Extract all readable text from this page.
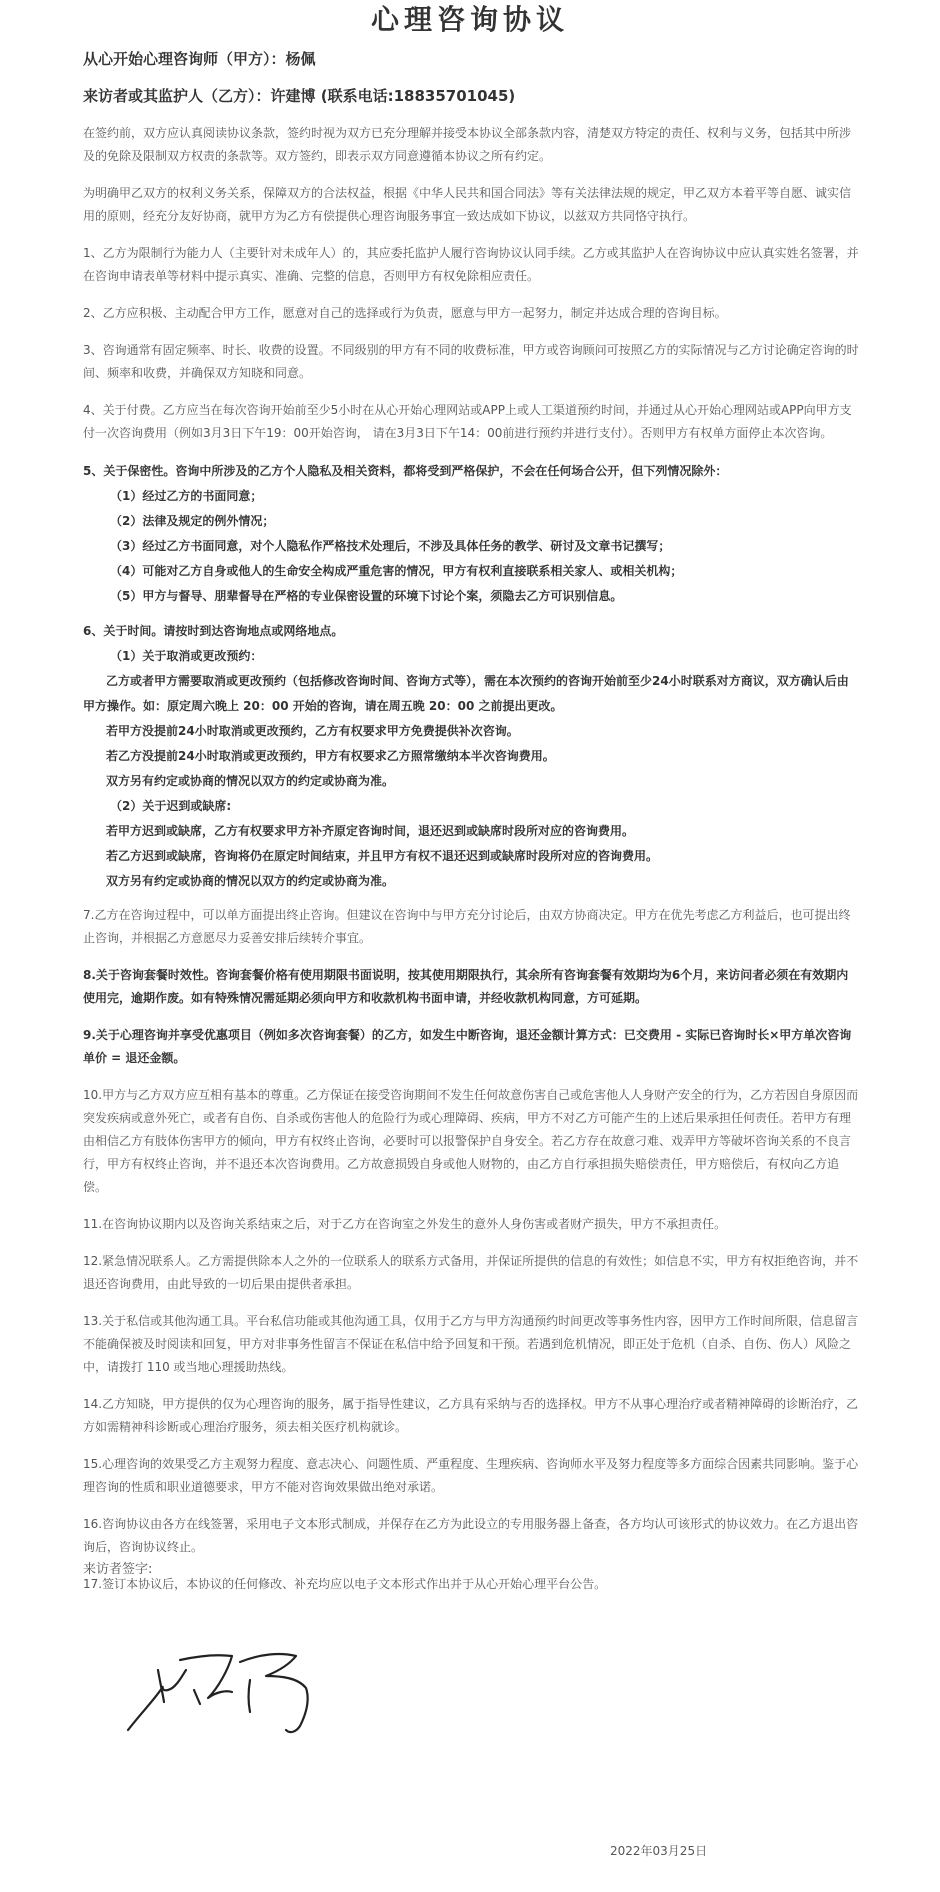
心理咨询协议

从心开始心理咨询师（甲方）：杨佩

来访者或其监护人（乙方）：许建博 (联系电话:18835701045)

在签约前，双方应认真阅读协议条款，签约时视为双方已充分理解并接受本协议全部条款内容，清楚双方特定的责任、权利与义务，包括其中所涉及的免除及限制双方权责的条款等。双方签约，即表示双方同意遵循本协议之所有约定。

为明确甲乙双方的权利义务关系，保障双方的合法权益，根据《中华人民共和国合同法》等有关法律法规的规定，甲乙双方本着平等自愿、诚实信用的原则，经充分友好协商，就甲方为乙方有偿提供心理咨询服务事宜一致达成如下协议，以兹双方共同恪守执行。

1、乙方为限制行为能力人（主要针对未成年人）的，其应委托监护人履行咨询协议认同手续。乙方或其监护人在咨询协议中应认真实姓名签署，并在咨询申请表单等材料中提示真实、准确、完整的信息，否则甲方有权免除相应责任。

2、乙方应积极、主动配合甲方工作，愿意对自己的选择或行为负责，愿意与甲方一起努力，制定并达成合理的咨询目标。

3、咨询通常有固定频率、时长、收费的设置。不同级别的甲方有不同的收费标准，甲方或咨询顾问可按照乙方的实际情况与乙方讨论确定咨询的时间、频率和收费，并确保双方知晓和同意。

4、关于付费。乙方应当在每次咨询开始前至少5小时在从心开始心理网站或APP上或人工渠道预约时间，并通过从心开始心理网站或APP向甲方支付一次咨询费用（例如3月3日下午19：00开始咨询， 请在3月3日下午14：00前进行预约并进行支付）。否则甲方有权单方面停止本次咨询。

5、关于保密性。咨询中所涉及的乙方个人隐私及相关资料，都将受到严格保护，不会在任何场合公开，但下列情况除外：

（1）经过乙方的书面同意；

（2）法律及规定的例外情况；

（3）经过乙方书面同意，对个人隐私作严格技术处理后，不涉及具体任务的教学、研讨及文章书记撰写；

（4）可能对乙方自身或他人的生命安全构成严重危害的情况，甲方有权利直接联系相关家人、或相关机构；

（5）甲方与督导、朋辈督导在严格的专业保密设置的环境下讨论个案，须隐去乙方可识别信息。

6、关于时间。请按时到达咨询地点或网络地点。

（1）关于取消或更改预约：

乙方或者甲方需要取消或更改预约（包括修改咨询时间、咨询方式等），需在本次预约的咨询开始前至少24小时联系对方商议，双方确认后由甲方操作。如：原定周六晚上 20：00 开始的咨询，请在周五晚 20：00 之前提出更改。

若甲方没提前24小时取消或更改预约，乙方有权要求甲方免费提供补次咨询。

若乙方没提前24小时取消或更改预约，甲方有权要求乙方照常缴纳本半次咨询费用。

双方另有约定或协商的情况以双方的约定或协商为准。

（2）关于迟到或缺席:

若甲方迟到或缺席，乙方有权要求甲方补齐原定咨询时间，退还迟到或缺席时段所对应的咨询费用。

若乙方迟到或缺席，咨询将仍在原定时间结束，并且甲方有权不退还迟到或缺席时段所对应的咨询费用。

双方另有约定或协商的情况以双方的约定或协商为准。

7.乙方在咨询过程中，可以单方面提出终止咨询。但建议在咨询中与甲方充分讨论后，由双方协商决定。甲方在优先考虑乙方利益后，也可提出终止咨询，并根据乙方意愿尽力妥善安排后续转介事宜。

8.关于咨询套餐时效性。咨询套餐价格有使用期限书面说明，按其使用期限执行，其余所有咨询套餐有效期均为6个月，来访问者必须在有效期内使用完，逾期作废。如有特殊情况需延期必须向甲方和收款机构书面申请，并经收款机构同意，方可延期。

9.关于心理咨询并享受优惠项目（例如多次咨询套餐）的乙方，如发生中断咨询，退还金额计算方式：已交费用 - 实际已咨询时长×甲方单次咨询单价 = 退还金额。

10.甲方与乙方双方应互相有基本的尊重。乙方保证在接受咨询期间不发生任何故意伤害自己或危害他人人身财产安全的行为，乙方若因自身原因而突发疾病或意外死亡，或者有自伤、自杀或伤害他人的危险行为或心理障碍、疾病，甲方不对乙方可能产生的上述后果承担任何责任。若甲方有理由相信乙方有肢体伤害甲方的倾向，甲方有权终止咨询，必要时可以报警保护自身安全。若乙方存在故意刁难、戏弄甲方等破坏咨询关系的不良言行，甲方有权终止咨询，并不退还本次咨询费用。乙方故意损毁自身或他人财物的，由乙方自行承担损失赔偿责任，甲方赔偿后，有权向乙方追偿。

11.在咨询协议期内以及咨询关系结束之后，对于乙方在咨询室之外发生的意外人身伤害或者财产损失，甲方不承担责任。

12.紧急情况联系人。乙方需提供除本人之外的一位联系人的联系方式备用，并保证所提供的信息的有效性；如信息不实，甲方有权拒绝咨询，并不退还咨询费用，由此导致的一切后果由提供者承担。

13.关于私信或其他沟通工具。平台私信功能或其他沟通工具，仅用于乙方与甲方沟通预约时间更改等事务性内容，因甲方工作时间所限，信息留言不能确保被及时阅读和回复，甲方对非事务性留言不保证在私信中给予回复和干预。若遇到危机情况，即正处于危机（自杀、自伤、伤人）风险之中，请拨打 110 或当地心理援助热线。

14.乙方知晓，甲方提供的仅为心理咨询的服务，属于指导性建议，乙方具有采纳与否的选择权。甲方不从事心理治疗或者精神障碍的诊断治疗，乙方如需精神科诊断或心理治疗服务，须去相关医疗机构就诊。

15.心理咨询的效果受乙方主观努力程度、意志决心、问题性质、严重程度、生理疾病、咨询师水平及努力程度等多方面综合因素共同影响。鉴于心理咨询的性质和职业道德要求，甲方不能对咨询效果做出绝对承诺。

16.咨询协议由各方在线签署，采用电子文本形式制成，并保存在乙方为此设立的专用服务器上备查，各方均认可该形式的协议效力。在乙方退出咨询后，咨询协议终止。

17.签订本协议后，本协议的任何修改、补充均应以电子文本形式作出并于从心开始心理平台公告。

来访者签字:
2022年03月25日
